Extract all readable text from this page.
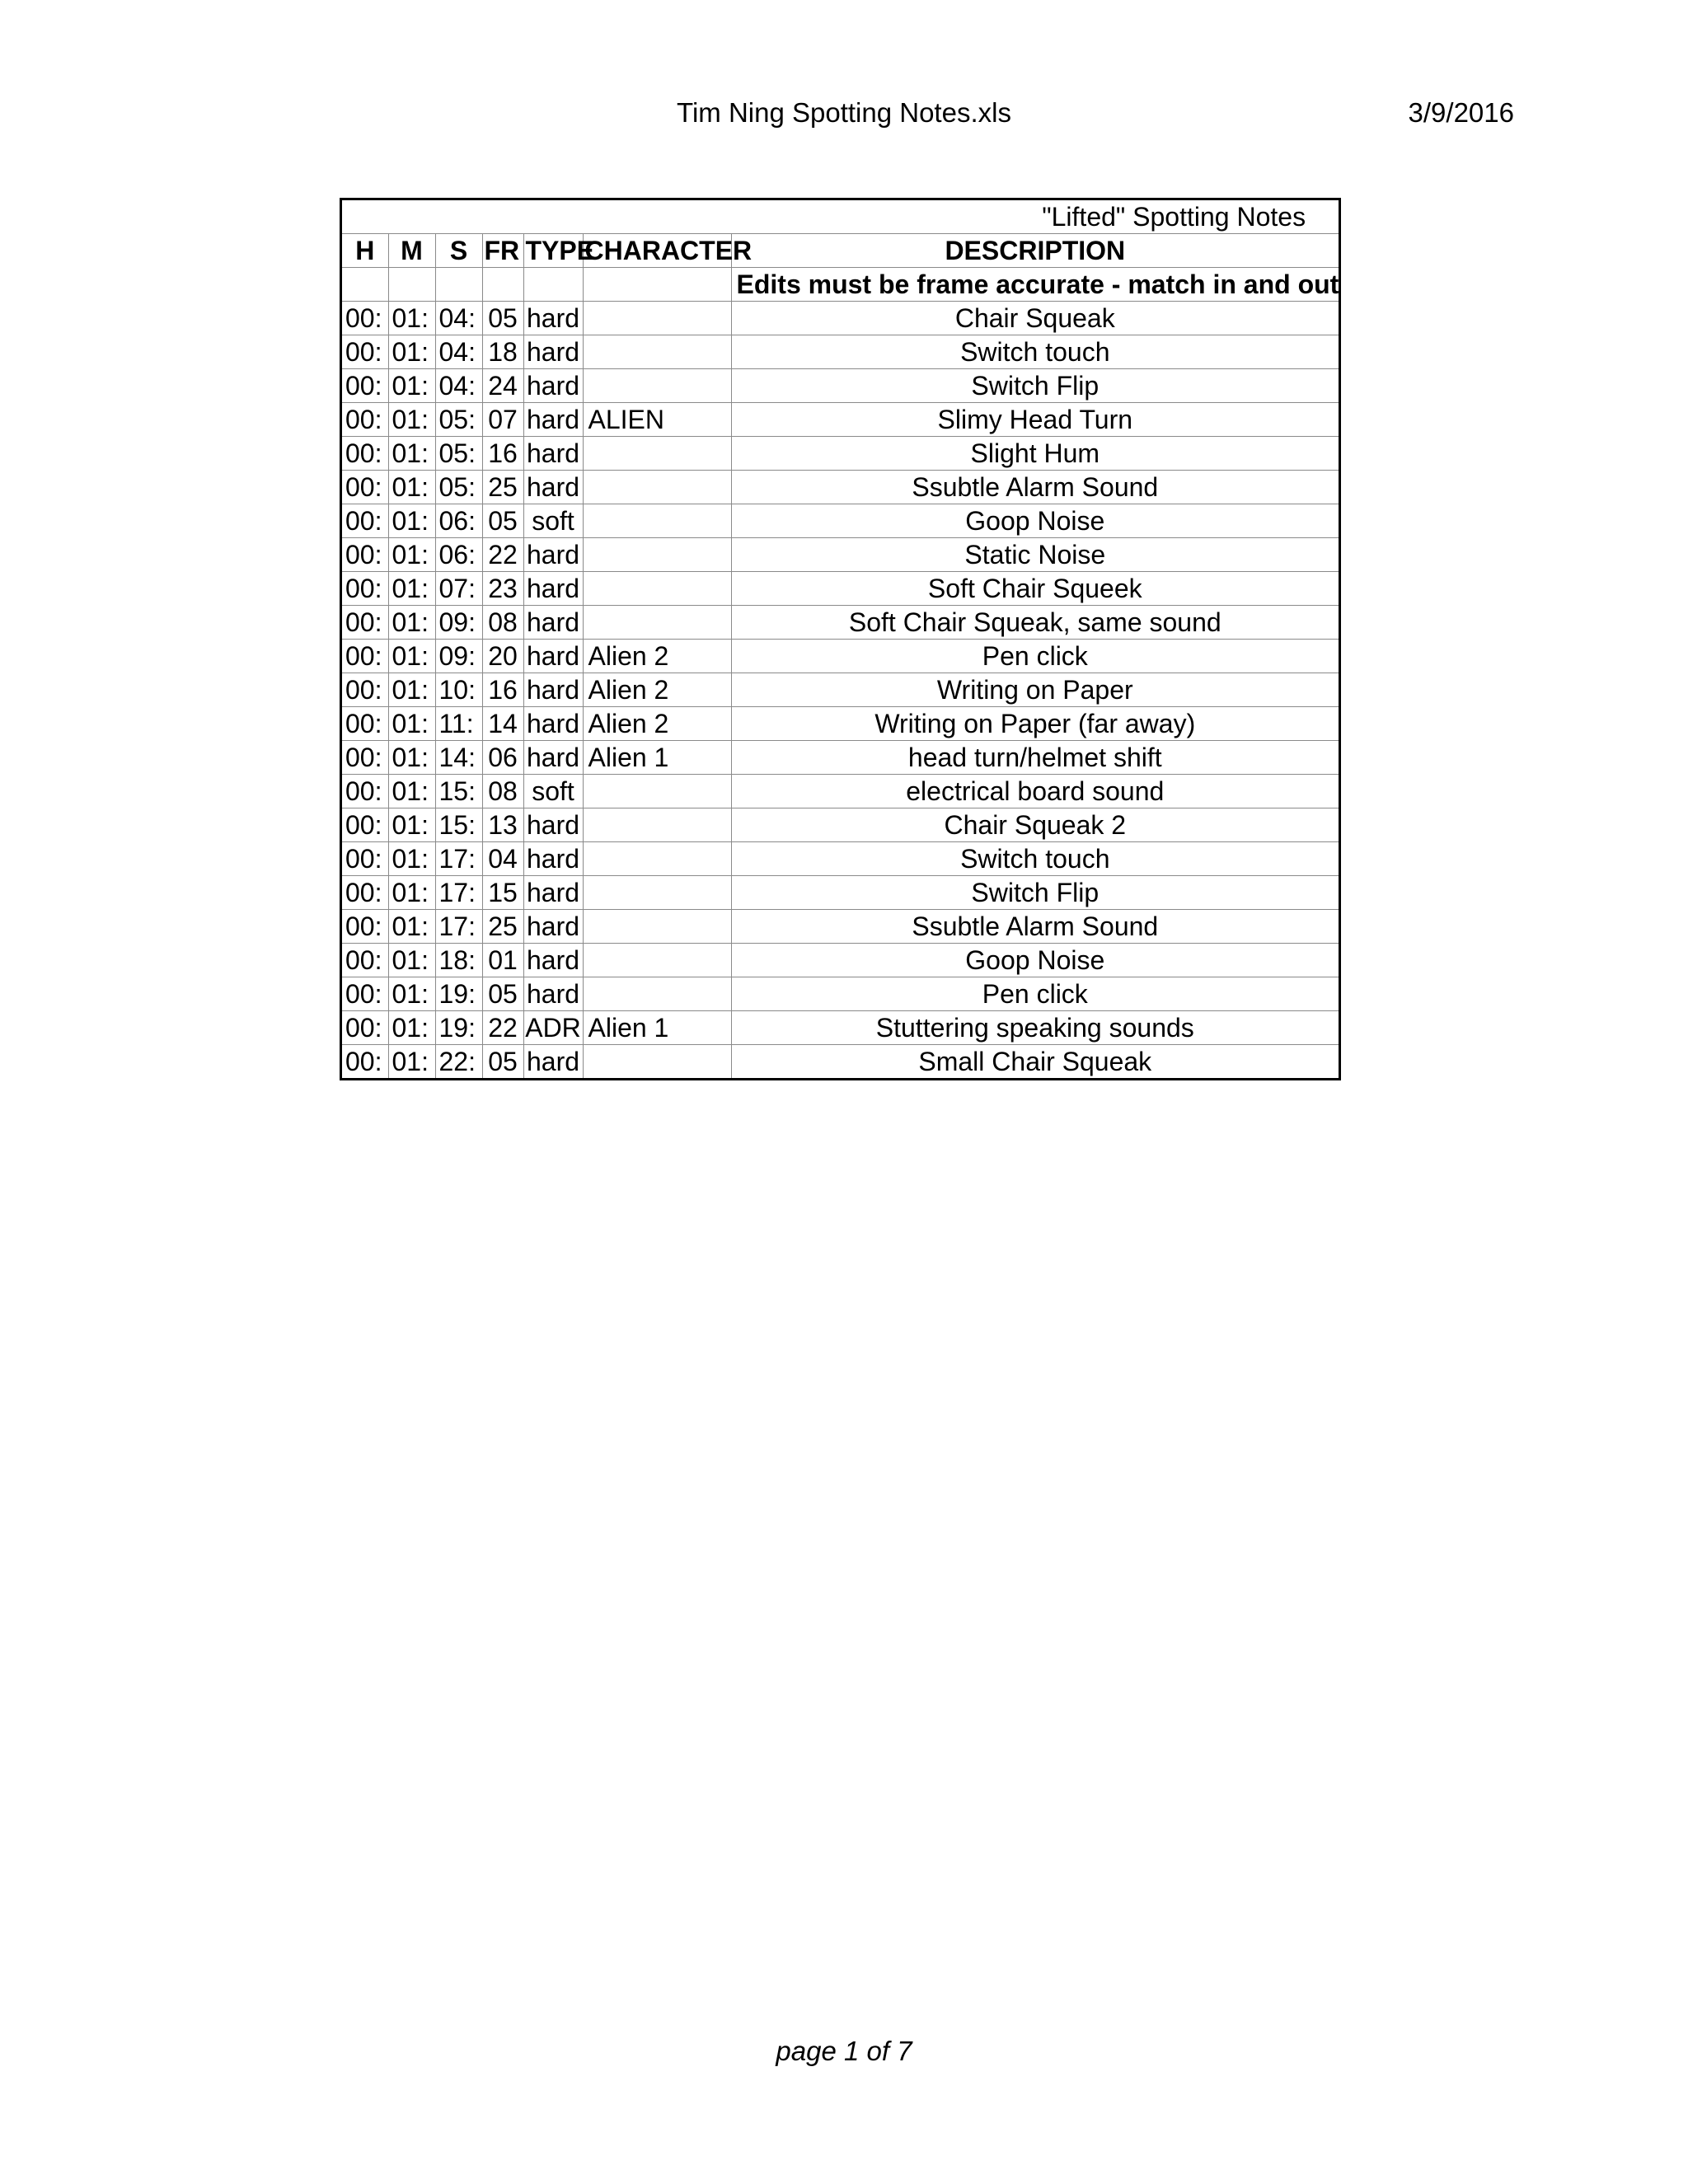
Tim Ning Spotting Notes.xls	3/9/2016
"Lifted" Spotting Notes						
H	M	S	FR	TYPE	CHARACTER	DESCRIPTION
						Edits must be frame accurate - match in and out
00:	01:	04:	05	hard		Chair Squeak
00:	01:	04:	18	hard		Switch touch
00:	01:	04:	24	hard		Switch Flip
00:	01:	05:	07	hard	ALIEN	Slimy Head Turn
00:	01:	05:	16	hard		Slight Hum
00:	01:	05:	25	hard		Ssubtle Alarm Sound
00:	01:	06:	05	soft		Goop Noise
00:	01:	06:	22	hard		Static Noise
00:	01:	07:	23	hard		Soft Chair Squeek
00:	01:	09:	08	hard		Soft Chair Squeak, same sound
00:	01:	09:	20	hard	Alien 2	Pen click
00:	01:	10:	16	hard	Alien 2	Writing on Paper
00:	01:	11:	14	hard	Alien 2	Writing on Paper (far away)
00:	01:	14:	06	hard	Alien 1	head turn/helmet shift
00:	01:	15:	08	soft		electrical board sound
00:	01:	15:	13	hard		Chair Squeak 2
00:	01:	17:	04	hard		Switch touch
00:	01:	17:	15	hard		Switch Flip
00:	01:	17:	25	hard		Ssubtle Alarm Sound
00:	01:	18:	01	hard		Goop Noise
00:	01:	19:	05	hard		Pen click
00:	01:	19:	22	ADR	Alien 1	Stuttering speaking sounds
00:	01:	22:	05	hard		Small Chair Squeak
page 1 of 7
